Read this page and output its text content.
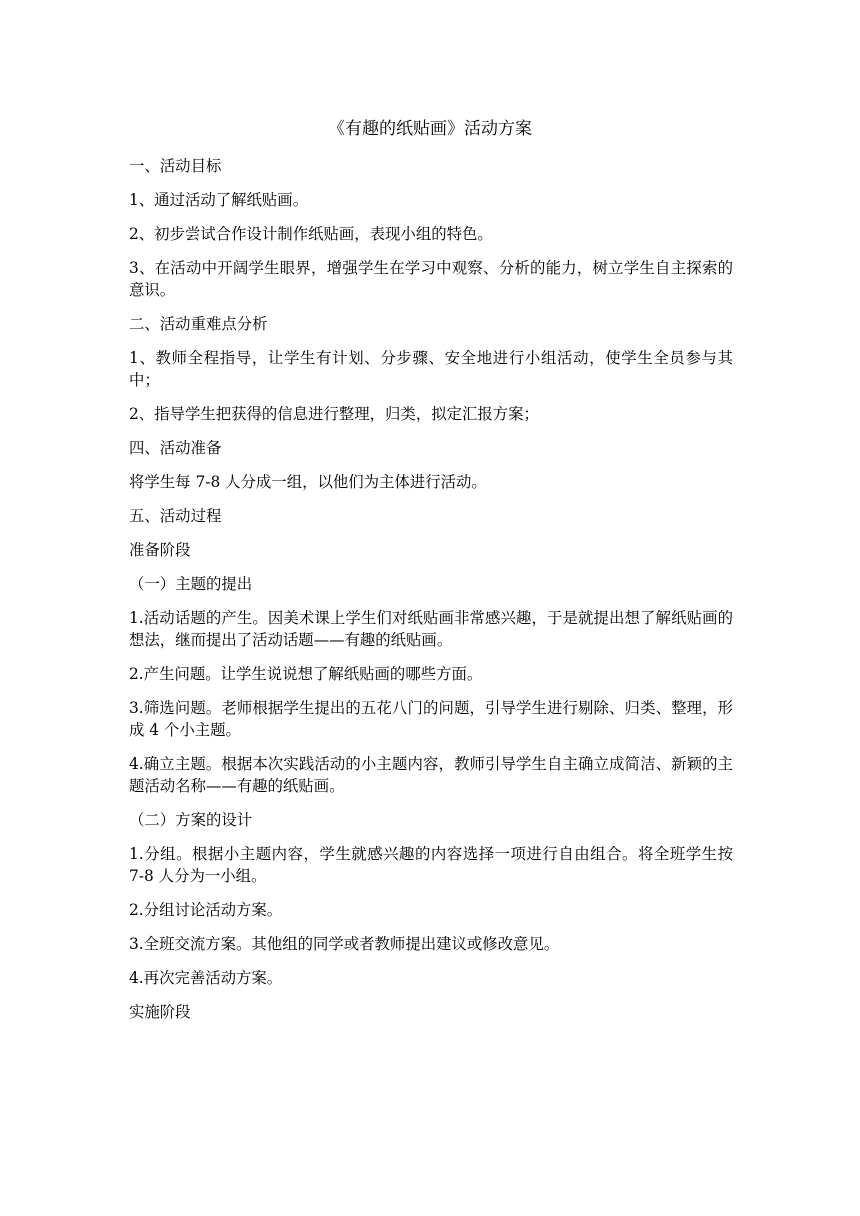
《有趣的纸贴画》活动方案

一、活动目标

1、通过活动了解纸贴画。

2、初步尝试合作设计制作纸贴画，表现小组的特色。

3、在活动中开阔学生眼界，增强学生在学习中观察、分析的能力，树立学生自主探索的意识。

二、活动重难点分析

1、教师全程指导，让学生有计划、分步骤、安全地进行小组活动，使学生全员参与其中；

2、指导学生把获得的信息进行整理，归类，拟定汇报方案；

四、活动准备

将学生每 7-8 人分成一组，以他们为主体进行活动。

五、活动过程

准备阶段

（一）主题的提出

1.活动话题的产生。因美术课上学生们对纸贴画非常感兴趣，于是就提出想了解纸贴画的想法，继而提出了活动话题——有趣的纸贴画。

2.产生问题。让学生说说想了解纸贴画的哪些方面。

3.筛选问题。老师根据学生提出的五花八门的问题，引导学生进行剔除、归类、整理，形成 4 个小主题。

4.确立主题。根据本次实践活动的小主题内容，教师引导学生自主确立成简洁、新颖的主题活动名称——有趣的纸贴画。

（二）方案的设计

1.分组。根据小主题内容，学生就感兴趣的内容选择一项进行自由组合。将全班学生按 7-8 人分为一小组。

2.分组讨论活动方案。

3.全班交流方案。其他组的同学或者教师提出建议或修改意见。

4.再次完善活动方案。

实施阶段
